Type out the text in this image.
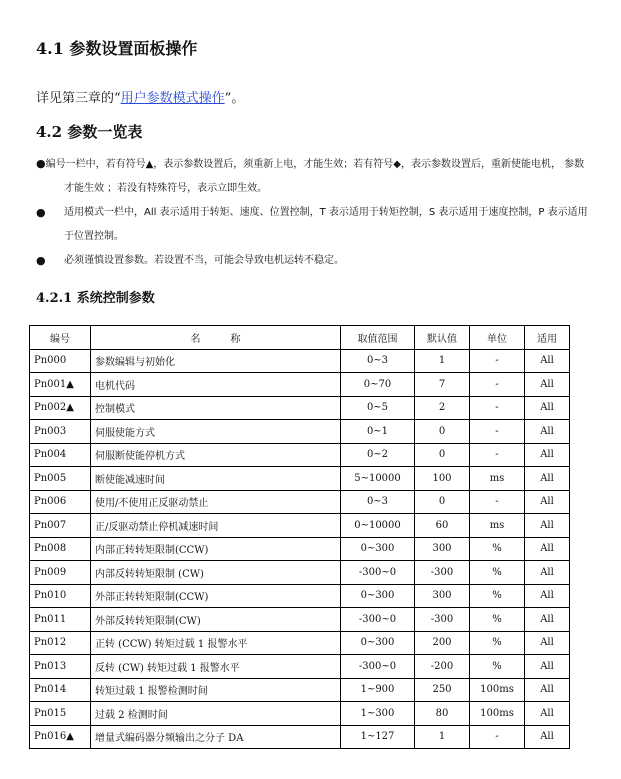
4.1 参数设置面板操作
详见第三章的“用户参数模式操作”。
4.2 参数一览表
●编号一栏中，若有符号▲，表示参数设置后，须重新上电，才能生效；若有符号◆，表示参数设置后，重新使能电机， 参数才能生效 ；若没有特殊符号，表示立即生效。
●	适用模式一栏中，All 表示适用于转矩、速度、位置控制，T 表示适用于转矩控制，S 表示适用于速度控制，P 表示适用于位置控制。
●	必须谨慎设置参数。若设置不当，可能会导致电机运转不稳定。
4.2.1 系统控制参数
编号	名　　　称	取值范围	默认值	单位	适用
Pn000	参数编辑与初始化	0~3	1	-	All
Pn001▲	电机代码	0~70	7	-	All
Pn002▲	控制模式	0~5	2	-	All
Pn003	伺服使能方式	0~1	0	-	All
Pn004	伺服断使能停机方式	0~2	0	-	All
Pn005	断使能减速时间	5~10000	100	ms	All
Pn006	使用/不使用正反驱动禁止	0~3	0	-	All
Pn007	正/反驱动禁止停机减速时间	0~10000	60	ms	All
Pn008	内部正转转矩限制(CCW)	0~300	300	%	All
Pn009	内部反转转矩限制 (CW)	-300~0	-300	%	All
Pn010	外部正转转矩限制(CCW)	0~300	300	%	All
Pn011	外部反转转矩限制(CW)	-300~0	-300	%	All
Pn012	正转 (CCW) 转矩过载 1 报警水平	0~300	200	%	All
Pn013	反转 (CW) 转矩过载 1 报警水平	-300~0	-200	%	All
Pn014	转矩过载 1 报警检测时间	1~900	250	100ms	All
Pn015	过载 2 检测时间	1~300	80	100ms	All
Pn016▲	增量式编码器分频输出之分子 DA	1~127	1	-	All
